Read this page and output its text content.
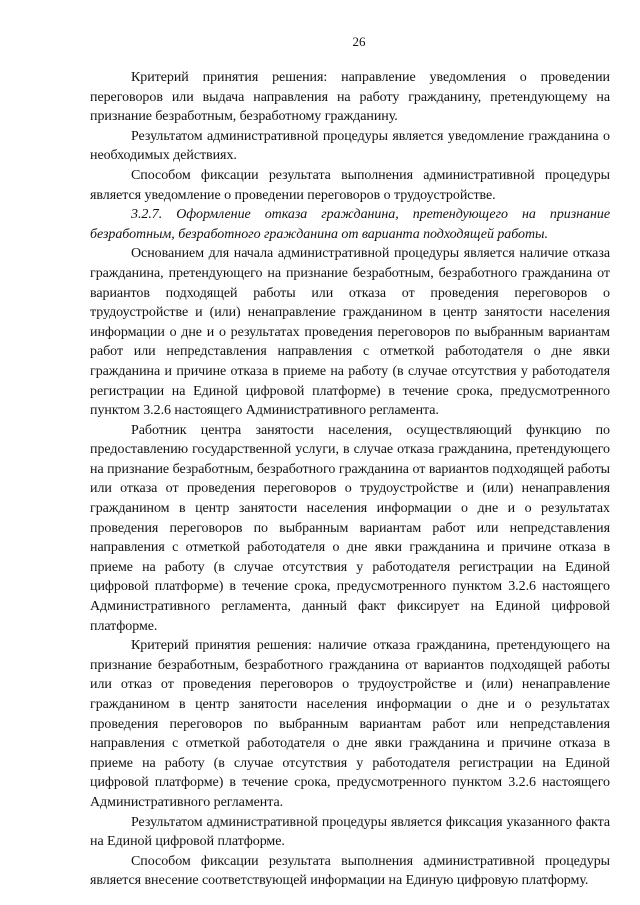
26

Критерий принятия решения: направление уведомления о проведении переговоров или выдача направления на работу гражданину, претендующему на признание безработным, безработному гражданину.

Результатом административной процедуры является уведомление гражданина о необходимых действиях.

Способом фиксации результата выполнения административной процедуры является уведомление о проведении переговоров о трудоустройстве.

3.2.7. Оформление отказа гражданина, претендующего на признание безработным, безработного гражданина от варианта подходящей работы.

Основанием для начала административной процедуры является наличие отказа гражданина, претендующего на признание безработным, безработного гражданина от вариантов подходящей работы или отказа от проведения переговоров о трудоустройстве и (или) ненаправление гражданином в центр занятости населения информации о дне и о результатах проведения переговоров по выбранным вариантам работ или непредставления направления с отметкой работодателя о дне явки гражданина и причине отказа в приеме на работу (в случае отсутствия у работодателя регистрации на Единой цифровой платформе) в течение срока, предусмотренного пунктом 3.2.6 настоящего Административного регламента.

Работник центра занятости населения, осуществляющий функцию по предоставлению государственной услуги, в случае отказа гражданина, претендующего на признание безработным, безработного гражданина от вариантов подходящей работы или отказа от проведения переговоров о трудоустройстве и (или) ненаправления гражданином в центр занятости населения информации о дне и о результатах проведения переговоров по выбранным вариантам работ или непредставления направления с отметкой работодателя о дне явки гражданина и причине отказа в приеме на работу (в случае отсутствия у работодателя регистрации на Единой цифровой платформе) в течение срока, предусмотренного пунктом 3.2.6 настоящего Административного регламента, данный факт фиксирует на Единой цифровой платформе.

Критерий принятия решения: наличие отказа гражданина, претендующего на признание безработным, безработного гражданина от вариантов подходящей работы или отказ от проведения переговоров о трудоустройстве и (или) ненаправление гражданином в центр занятости населения информации о дне и о результатах проведения переговоров по выбранным вариантам работ или непредставления направления с отметкой работодателя о дне явки гражданина и причине отказа в приеме на работу (в случае отсутствия у работодателя регистрации на Единой цифровой платформе) в течение срока, предусмотренного пунктом 3.2.6 настоящего Административного регламента.

Результатом административной процедуры является фиксация указанного факта на Единой цифровой платформе.

Способом фиксации результата выполнения административной процедуры является внесение соответствующей информации на Единую цифровую платформу.
